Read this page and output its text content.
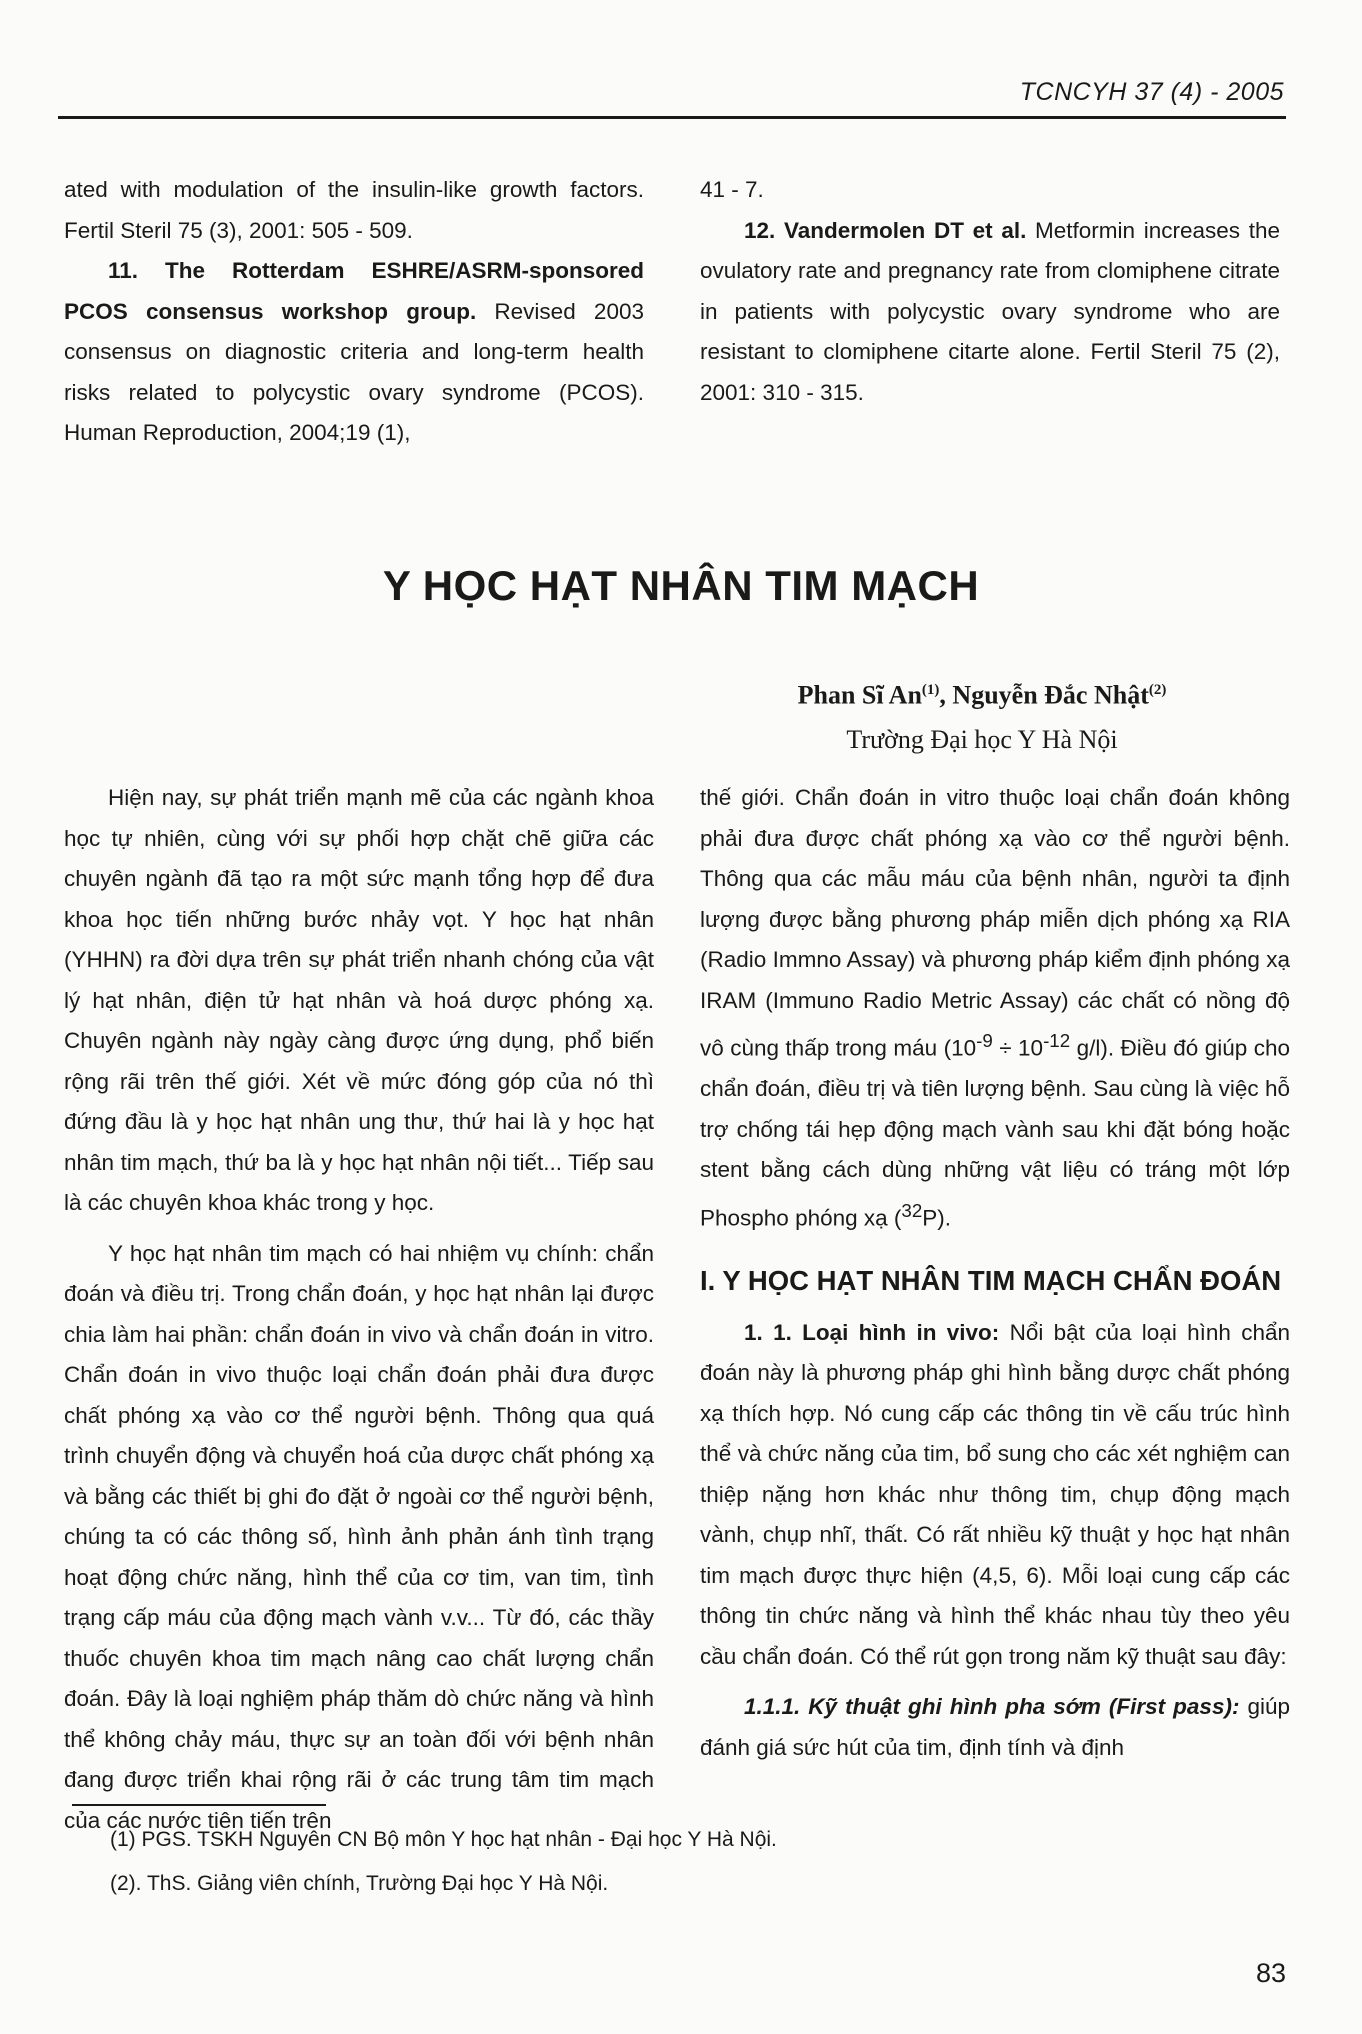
TCNCYH 37 (4) - 2005
ated with modulation of the insulin-like growth factors. Fertil Steril 75 (3), 2001: 505 - 509.
11. The Rotterdam ESHRE/ASRM-sponsored PCOS consensus workshop group. Revised 2003 consensus on diagnostic criteria and long-term health risks related to polycystic ovary syndrome (PCOS). Human Reproduction, 2004;19 (1),
41 - 7.
12. Vandermolen DT et al. Metformin increases the ovulatory rate and pregnancy rate from clomiphene citrate in patients with polycystic ovary syndrome who are resistant to clomiphene citarte alone. Fertil Steril 75 (2), 2001: 310 - 315.
Y HỌC HẠT NHÂN TIM MẠCH
Phan Sĩ An$^{(1)}$, Nguyễn Đắc Nhật$^{(2)}$
Trường Đại học Y Hà Nội

Hiện nay, sự phát triển mạnh mẽ của các ngành khoa học tự nhiên, cùng với sự phối hợp chặt chẽ giữa các chuyên ngành đã tạo ra một sức mạnh tổng hợp để đưa khoa học tiến những bước nhảy vọt. Y học hạt nhân (YHHN) ra đời dựa trên sự phát triển nhanh chóng của vật lý hạt nhân, điện tử hạt nhân và hoá dược phóng xạ. Chuyên ngành này ngày càng được ứng dụng, phổ biến rộng rãi trên thế giới. Xét về mức đóng góp của nó thì đứng đầu là y học hạt nhân ung thư, thứ hai là y học hạt nhân tim mạch, thứ ba là y học hạt nhân nội tiết... Tiếp sau là các chuyên khoa khác trong y học.

Y học hạt nhân tim mạch có hai nhiệm vụ chính: chẩn đoán và điều trị. Trong chẩn đoán, y học hạt nhân lại được chia làm hai phần: chẩn đoán in vivo và chẩn đoán in vitro. Chẩn đoán in vivo thuộc loại chẩn đoán phải đưa được chất phóng xạ vào cơ thể người bệnh. Thông qua quá trình chuyển động và chuyển hoá của dược chất phóng xạ và bằng các thiết bị ghi đo đặt ở ngoài cơ thể người bệnh, chúng ta có các thông số, hình ảnh phản ánh tình trạng hoạt động chức năng, hình thể của cơ tim, van tim, tình trạng cấp máu của động mạch vành v.v... Từ đó, các thầy thuốc chuyên khoa tim mạch nâng cao chất lượng chẩn đoán. Đây là loại nghiệm pháp thăm dò chức năng và hình thể không chảy máu, thực sự an toàn đối với bệnh nhân đang được triển khai rộng rãi ở các trung tâm tim mạch của các nước tiên tiến trên

thế giới. Chẩn đoán in vitro thuộc loại chẩn đoán không phải đưa được chất phóng xạ vào cơ thể người bệnh. Thông qua các mẫu máu của bệnh nhân, người ta định lượng được bằng phương pháp miễn dịch phóng xạ RIA (Radio Immno Assay) và phương pháp kiểm định phóng xạ IRAM (Immuno Radio Metric Assay) các chất có nồng độ vô cùng thấp trong máu ($10^{-9} \div 10^{-12}$ g/l). Điều đó giúp cho chẩn đoán, điều trị và tiên lượng bệnh. Sau cùng là việc hỗ trợ chống tái hẹp động mạch vành sau khi đặt bóng hoặc stent bằng cách dùng những vật liệu có tráng một lớp Phospho phóng xạ ($^{32}$P).

I. Y HỌC HẠT NHÂN TIM MẠCH CHẨN ĐOÁN

1. 1. Loại hình in vivo: Nổi bật của loại hình chẩn đoán này là phương pháp ghi hình bằng dược chất phóng xạ thích hợp. Nó cung cấp các thông tin về cấu trúc hình thể và chức năng của tim, bổ sung cho các xét nghiệm can thiệp nặng hơn khác như thông tim, chụp động mạch vành, chụp nhĩ, thất. Có rất nhiều kỹ thuật y học hạt nhân tim mạch được thực hiện (4,5, 6). Mỗi loại cung cấp các thông tin chức năng và hình thể khác nhau tùy theo yêu cầu chẩn đoán. Có thể rút gọn trong năm kỹ thuật sau đây:

1.1.1. Kỹ thuật ghi hình pha sớm (First pass): giúp đánh giá sức hút của tim, định tính và định

(1) PGS. TSKH Nguyên CN Bộ môn Y học hạt nhân - Đại học Y Hà Nội.
(2). ThS. Giảng viên chính, Trường Đại học Y Hà Nội.
83
